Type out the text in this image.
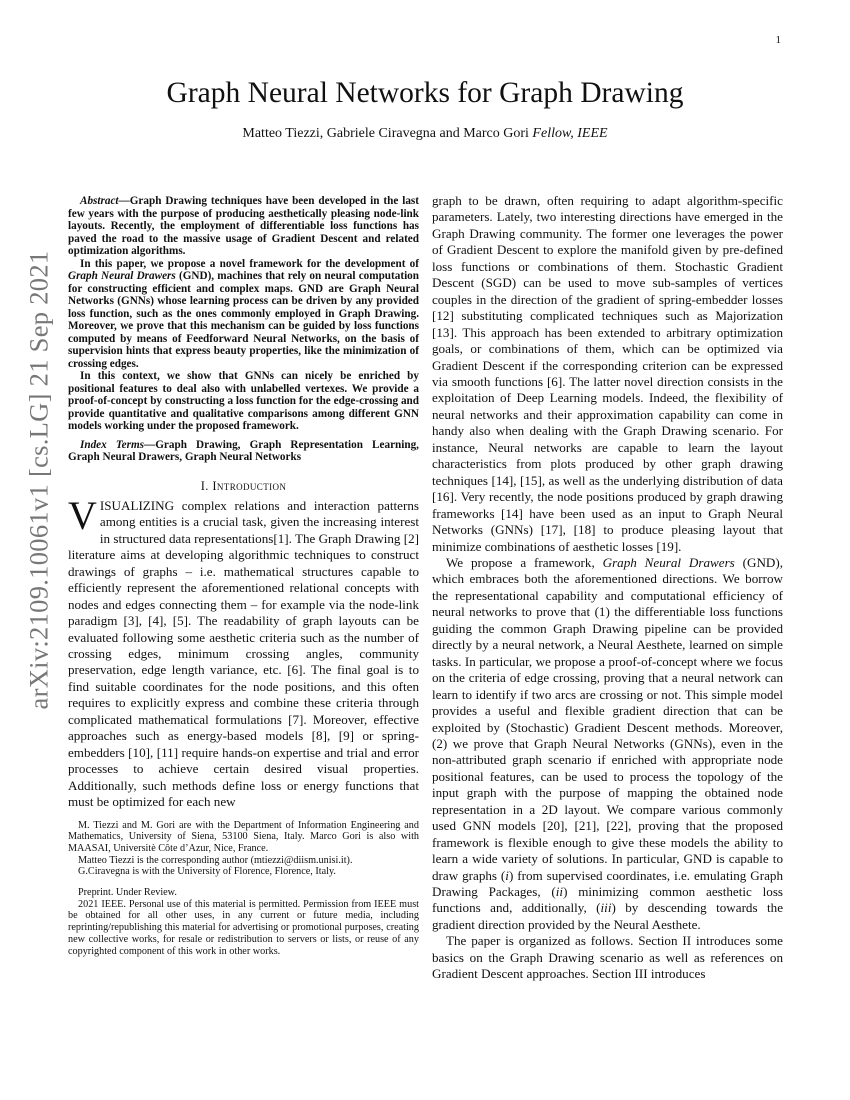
1
arXiv:2109.10061v1 [cs.LG] 21 Sep 2021
Graph Neural Networks for Graph Drawing
Matteo Tiezzi, Gabriele Ciravegna and Marco Gori Fellow, IEEE

Abstract—Graph Drawing techniques have been developed in the last few years with the purpose of producing aesthetically pleasing node-link layouts. Recently, the employment of differentiable loss functions has paved the road to the massive usage of Gradient Descent and related optimization algorithms.

In this paper, we propose a novel framework for the development of Graph Neural Drawers (GND), machines that rely on neural computation for constructing efficient and complex maps. GND are Graph Neural Networks (GNNs) whose learning process can be driven by any provided loss function, such as the ones commonly employed in Graph Drawing. Moreover, we prove that this mechanism can be guided by loss functions computed by means of Feedforward Neural Networks, on the basis of supervision hints that express beauty properties, like the minimization of crossing edges.

In this context, we show that GNNs can nicely be enriched by positional features to deal also with unlabelled vertexes. We provide a proof-of-concept by constructing a loss function for the edge-crossing and provide quantitative and qualitative comparisons among different GNN models working under the proposed framework.

Index Terms—Graph Drawing, Graph Representation Learning, Graph Neural Drawers, Graph Neural Networks
I. Introduction

VISUALIZING complex relations and interaction patterns among entities is a crucial task, given the increasing interest in structured data representations[1]. The Graph Drawing [2] literature aims at developing algorithmic techniques to construct drawings of graphs – i.e. mathematical structures capable to efficiently represent the aforementioned relational concepts with nodes and edges connecting them – for example via the node-link paradigm [3], [4], [5]. The readability of graph layouts can be evaluated following some aesthetic criteria such as the number of crossing edges, minimum crossing angles, community preservation, edge length variance, etc. [6]. The final goal is to find suitable coordinates for the node positions, and this often requires to explicitly express and combine these criteria through complicated mathematical formulations [7]. Moreover, effective approaches such as energy-based models [8], [9] or spring-embedders [10], [11] require hands-on expertise and trial and error processes to achieve certain desired visual properties. Additionally, such methods define loss or energy functions that must be optimized for each new

M. Tiezzi and M. Gori are with the Department of Information Engineering and Mathematics, University of Siena, 53100 Siena, Italy. Marco Gori is also with MAASAI, Universitè Côte d’Azur, Nice, France.

Matteo Tiezzi is the corresponding author (mtiezzi@diism.unisi.it).

G.Ciravegna is with the University of Florence, Florence, Italy.

Preprint. Under Review.

2021 IEEE. Personal use of this material is permitted. Permission from IEEE must be obtained for all other uses, in any current or future media, including reprinting/republishing this material for advertising or promotional purposes, creating new collective works, for resale or redistribution to servers or lists, or reuse of any copyrighted component of this work in other works.

graph to be drawn, often requiring to adapt algorithm-specific parameters. Lately, two interesting directions have emerged in the Graph Drawing community. The former one leverages the power of Gradient Descent to explore the manifold given by pre-defined loss functions or combinations of them. Stochastic Gradient Descent (SGD) can be used to move sub-samples of vertices couples in the direction of the gradient of spring-embedder losses [12] substituting complicated techniques such as Majorization [13]. This approach has been extended to arbitrary optimization goals, or combinations of them, which can be optimized via Gradient Descent if the corresponding criterion can be expressed via smooth functions [6]. The latter novel direction consists in the exploitation of Deep Learning models. Indeed, the flexibility of neural networks and their approximation capability can come in handy also when dealing with the Graph Drawing scenario. For instance, Neural networks are capable to learn the layout characteristics from plots produced by other graph drawing techniques [14], [15], as well as the underlying distribution of data [16]. Very recently, the node positions produced by graph drawing frameworks [14] have been used as an input to Graph Neural Networks (GNNs) [17], [18] to produce pleasing layout that minimize combinations of aesthetic losses [19].

We propose a framework, Graph Neural Drawers (GND), which embraces both the aforementioned directions. We borrow the representational capability and computational efficiency of neural networks to prove that (1) the differentiable loss functions guiding the common Graph Drawing pipeline can be provided directly by a neural network, a Neural Aesthete, learned on simple tasks. In particular, we propose a proof-of-concept where we focus on the criteria of edge crossing, proving that a neural network can learn to identify if two arcs are crossing or not. This simple model provides a useful and flexible gradient direction that can be exploited by (Stochastic) Gradient Descent methods. Moreover, (2) we prove that Graph Neural Networks (GNNs), even in the non-attributed graph scenario if enriched with appropriate node positional features, can be used to process the topology of the input graph with the purpose of mapping the obtained node representation in a 2D layout. We compare various commonly used GNN models [20], [21], [22], proving that the proposed framework is flexible enough to give these models the ability to learn a wide variety of solutions. In particular, GND is capable to draw graphs (i) from supervised coordinates, i.e. emulating Graph Drawing Packages, (ii) minimizing common aesthetic loss functions and, additionally, (iii) by descending towards the gradient direction provided by the Neural Aesthete.

The paper is organized as follows. Section II introduces some basics on the Graph Drawing scenario as well as references on Gradient Descent approaches. Section III introduces
